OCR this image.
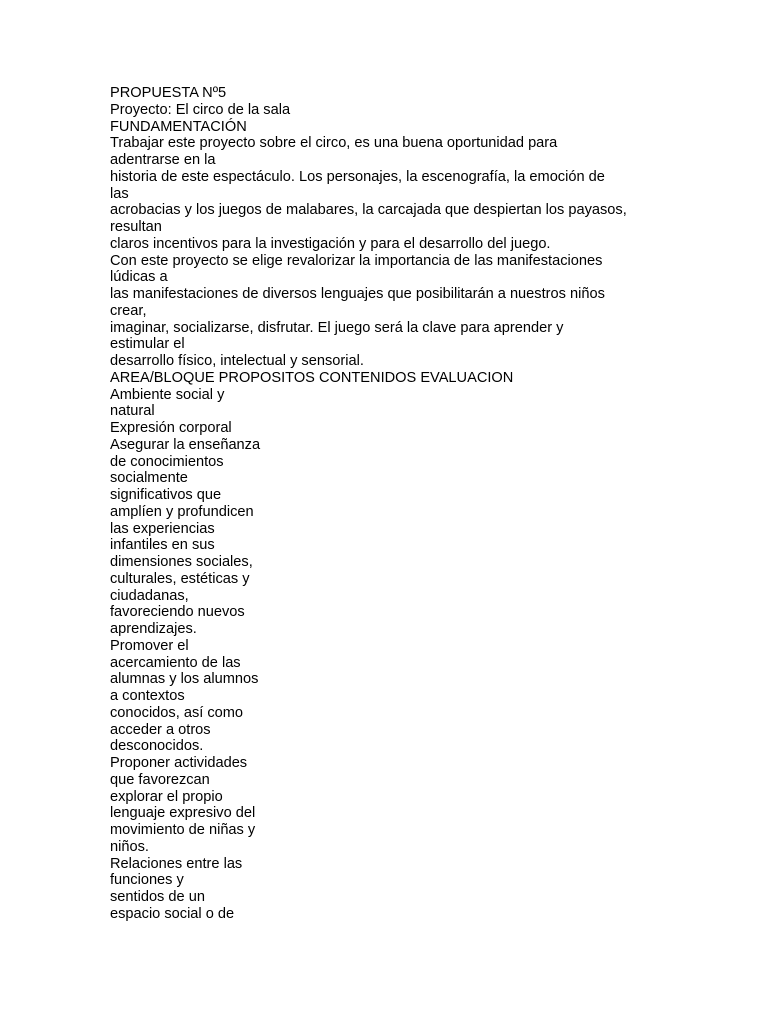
PROPUESTA Nº5
Proyecto: El circo de la sala
FUNDAMENTACIÓN
Trabajar este proyecto sobre el circo, es una buena oportunidad para
adentrarse en la
historia de este espectáculo. Los personajes, la escenografía, la emoción de
las
acrobacias y los juegos de malabares, la carcajada que despiertan los payasos,
resultan
claros incentivos para la investigación y para el desarrollo del juego.
Con este proyecto se elige revalorizar la importancia de las manifestaciones
lúdicas a
las manifestaciones de diversos lenguajes que posibilitarán a nuestros niños
crear,
imaginar, socializarse, disfrutar. El juego será la clave para aprender y
estimular el
desarrollo físico, intelectual y sensorial.
AREA/BLOQUE PROPOSITOS CONTENIDOS EVALUACION
Ambiente social y
natural
Expresión corporal
Asegurar la enseñanza
de conocimientos
socialmente
significativos que
amplíen y profundicen
las experiencias
infantiles en sus
dimensiones sociales,
culturales, estéticas y
ciudadanas,
favoreciendo nuevos
aprendizajes.
Promover el
acercamiento de las
alumnas y los alumnos
a contextos
conocidos, así como
acceder a otros
desconocidos.
Proponer actividades
que favorezcan
explorar el propio
lenguaje expresivo del
movimiento de niñas y
niños.
Relaciones entre las
funciones y
sentidos de un
espacio social o de
